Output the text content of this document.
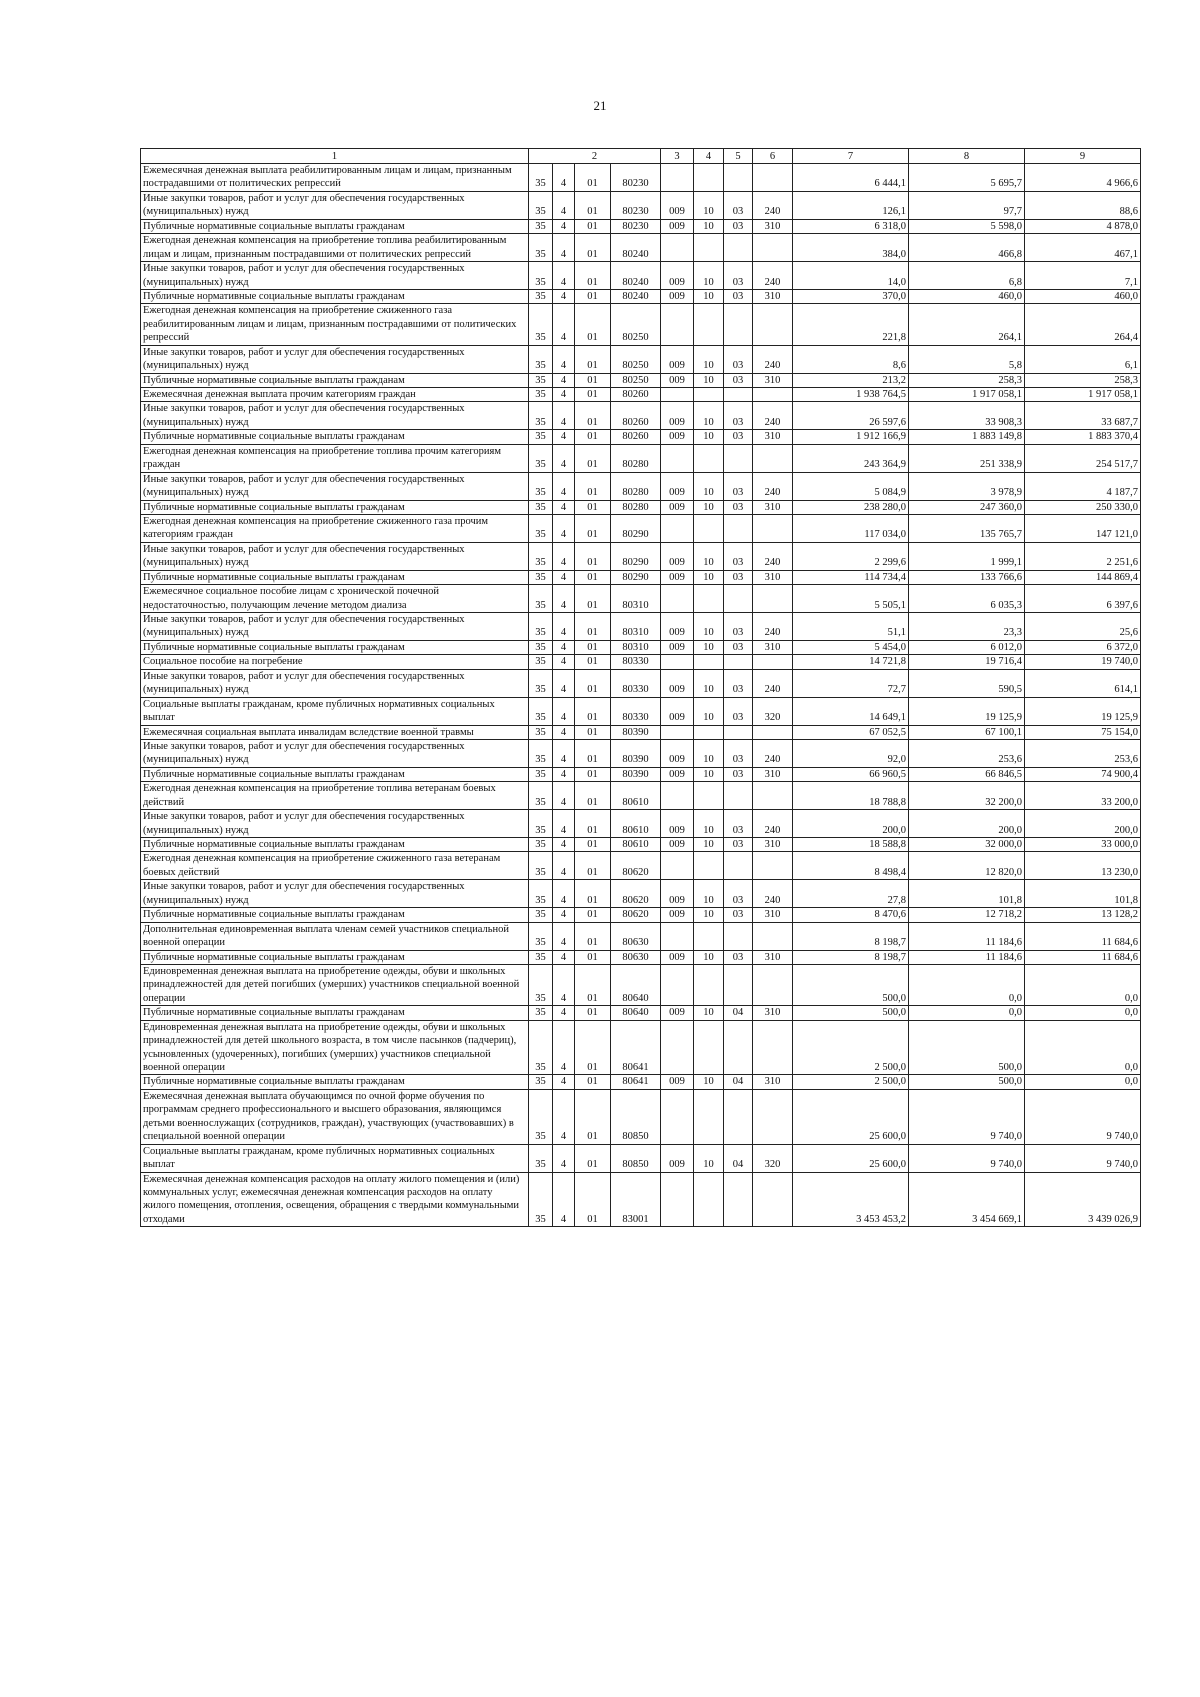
21
1	2				3	4	5	6	7	8	9
Ежемесячная денежная выплата реабилитированным лицам и лицам, признанным пострадавшими от политических репрессий	35	4	01	80230					6 444,1	5 695,7	4 966,6
Иные закупки товаров, работ и услуг для обеспечения государственных (муниципальных) нужд	35	4	01	80230	009	10	03	240	126,1	97,7	88,6
Публичные нормативные социальные выплаты гражданам	35	4	01	80230	009	10	03	310	6 318,0	5 598,0	4 878,0
Ежегодная денежная компенсация на приобретение топлива реабилитированным лицам и лицам, признанным пострадавшими от политических репрессий	35	4	01	80240					384,0	466,8	467,1
Иные закупки товаров, работ и услуг для обеспечения государственных (муниципальных) нужд	35	4	01	80240	009	10	03	240	14,0	6,8	7,1
Публичные нормативные социальные выплаты гражданам	35	4	01	80240	009	10	03	310	370,0	460,0	460,0
Ежегодная денежная компенсация на приобретение сжиженного газа реабилитированным лицам и лицам, признанным пострадавшими от политических репрессий	35	4	01	80250					221,8	264,1	264,4
Иные закупки товаров, работ и услуг для обеспечения государственных (муниципальных) нужд	35	4	01	80250	009	10	03	240	8,6	5,8	6,1
Публичные нормативные социальные выплаты гражданам	35	4	01	80250	009	10	03	310	213,2	258,3	258,3
Ежемесячная денежная выплата прочим категориям граждан	35	4	01	80260					1 938 764,5	1 917 058,1	1 917 058,1
Иные закупки товаров, работ и услуг для обеспечения государственных (муниципальных) нужд	35	4	01	80260	009	10	03	240	26 597,6	33 908,3	33 687,7
Публичные нормативные социальные выплаты гражданам	35	4	01	80260	009	10	03	310	1 912 166,9	1 883 149,8	1 883 370,4
Ежегодная денежная компенсация на приобретение топлива прочим категориям граждан	35	4	01	80280					243 364,9	251 338,9	254 517,7
Иные закупки товаров, работ и услуг для обеспечения государственных (муниципальных) нужд	35	4	01	80280	009	10	03	240	5 084,9	3 978,9	4 187,7
Публичные нормативные социальные выплаты гражданам	35	4	01	80280	009	10	03	310	238 280,0	247 360,0	250 330,0
Ежегодная денежная компенсация на приобретение сжиженного газа прочим категориям граждан	35	4	01	80290					117 034,0	135 765,7	147 121,0
Иные закупки товаров, работ и услуг для обеспечения государственных (муниципальных) нужд	35	4	01	80290	009	10	03	240	2 299,6	1 999,1	2 251,6
Публичные нормативные социальные выплаты гражданам	35	4	01	80290	009	10	03	310	114 734,4	133 766,6	144 869,4
Ежемесячное социальное пособие лицам с хронической почечной недостаточностью, получающим лечение методом диализа	35	4	01	80310					5 505,1	6 035,3	6 397,6
Иные закупки товаров, работ и услуг для обеспечения государственных (муниципальных) нужд	35	4	01	80310	009	10	03	240	51,1	23,3	25,6
Публичные нормативные социальные выплаты гражданам	35	4	01	80310	009	10	03	310	5 454,0	6 012,0	6 372,0
Социальное пособие на погребение	35	4	01	80330					14 721,8	19 716,4	19 740,0
Иные закупки товаров, работ и услуг для обеспечения государственных (муниципальных) нужд	35	4	01	80330	009	10	03	240	72,7	590,5	614,1
Социальные выплаты гражданам, кроме публичных нормативных социальных выплат	35	4	01	80330	009	10	03	320	14 649,1	19 125,9	19 125,9
Ежемесячная социальная выплата инвалидам вследствие военной травмы	35	4	01	80390					67 052,5	67 100,1	75 154,0
Иные закупки товаров, работ и услуг для обеспечения государственных (муниципальных) нужд	35	4	01	80390	009	10	03	240	92,0	253,6	253,6
Публичные нормативные социальные выплаты гражданам	35	4	01	80390	009	10	03	310	66 960,5	66 846,5	74 900,4
Ежегодная денежная компенсация на приобретение топлива ветеранам боевых действий	35	4	01	80610					18 788,8	32 200,0	33 200,0
Иные закупки товаров, работ и услуг для обеспечения государственных (муниципальных) нужд	35	4	01	80610	009	10	03	240	200,0	200,0	200,0
Публичные нормативные социальные выплаты гражданам	35	4	01	80610	009	10	03	310	18 588,8	32 000,0	33 000,0
Ежегодная денежная компенсация на приобретение сжиженного газа ветеранам боевых действий	35	4	01	80620					8 498,4	12 820,0	13 230,0
Иные закупки товаров, работ и услуг для обеспечения государственных (муниципальных) нужд	35	4	01	80620	009	10	03	240	27,8	101,8	101,8
Публичные нормативные социальные выплаты гражданам	35	4	01	80620	009	10	03	310	8 470,6	12 718,2	13 128,2
Дополнительная единовременная выплата членам семей участников специальной военной операции	35	4	01	80630					8 198,7	11 184,6	11 684,6
Публичные нормативные социальные выплаты гражданам	35	4	01	80630	009	10	03	310	8 198,7	11 184,6	11 684,6
Единовременная денежная выплата на приобретение одежды, обуви и школьных принадлежностей для детей погибших (умерших) участников специальной военной операции	35	4	01	80640					500,0	0,0	0,0
Публичные нормативные социальные выплаты гражданам	35	4	01	80640	009	10	04	310	500,0	0,0	0,0
Единовременная денежная выплата на приобретение одежды, обуви и школьных принадлежностей для детей школьного возраста, в том числе пасынков (падчериц), усыновленных (удочеренных), погибших (умерших) участников специальной военной операции	35	4	01	80641					2 500,0	500,0	0,0
Публичные нормативные социальные выплаты гражданам	35	4	01	80641	009	10	04	310	2 500,0	500,0	0,0
Ежемесячная денежная выплата обучающимся по очной форме обучения по программам среднего профессионального и высшего образования, являющимся детьми военнослужащих (сотрудников, граждан), участвующих (участвовавших) в специальной военной операции	35	4	01	80850					25 600,0	9 740,0	9 740,0
Социальные выплаты гражданам, кроме публичных нормативных социальных выплат	35	4	01	80850	009	10	04	320	25 600,0	9 740,0	9 740,0
Ежемесячная денежная компенсация расходов на оплату жилого помещения и (или) коммунальных услуг, ежемесячная денежная компенсация расходов на оплату жилого помещения, отопления, освещения, обращения с твердыми коммунальными отходами	35	4	01	83001					3 453 453,2	3 454 669,1	3 439 026,9
